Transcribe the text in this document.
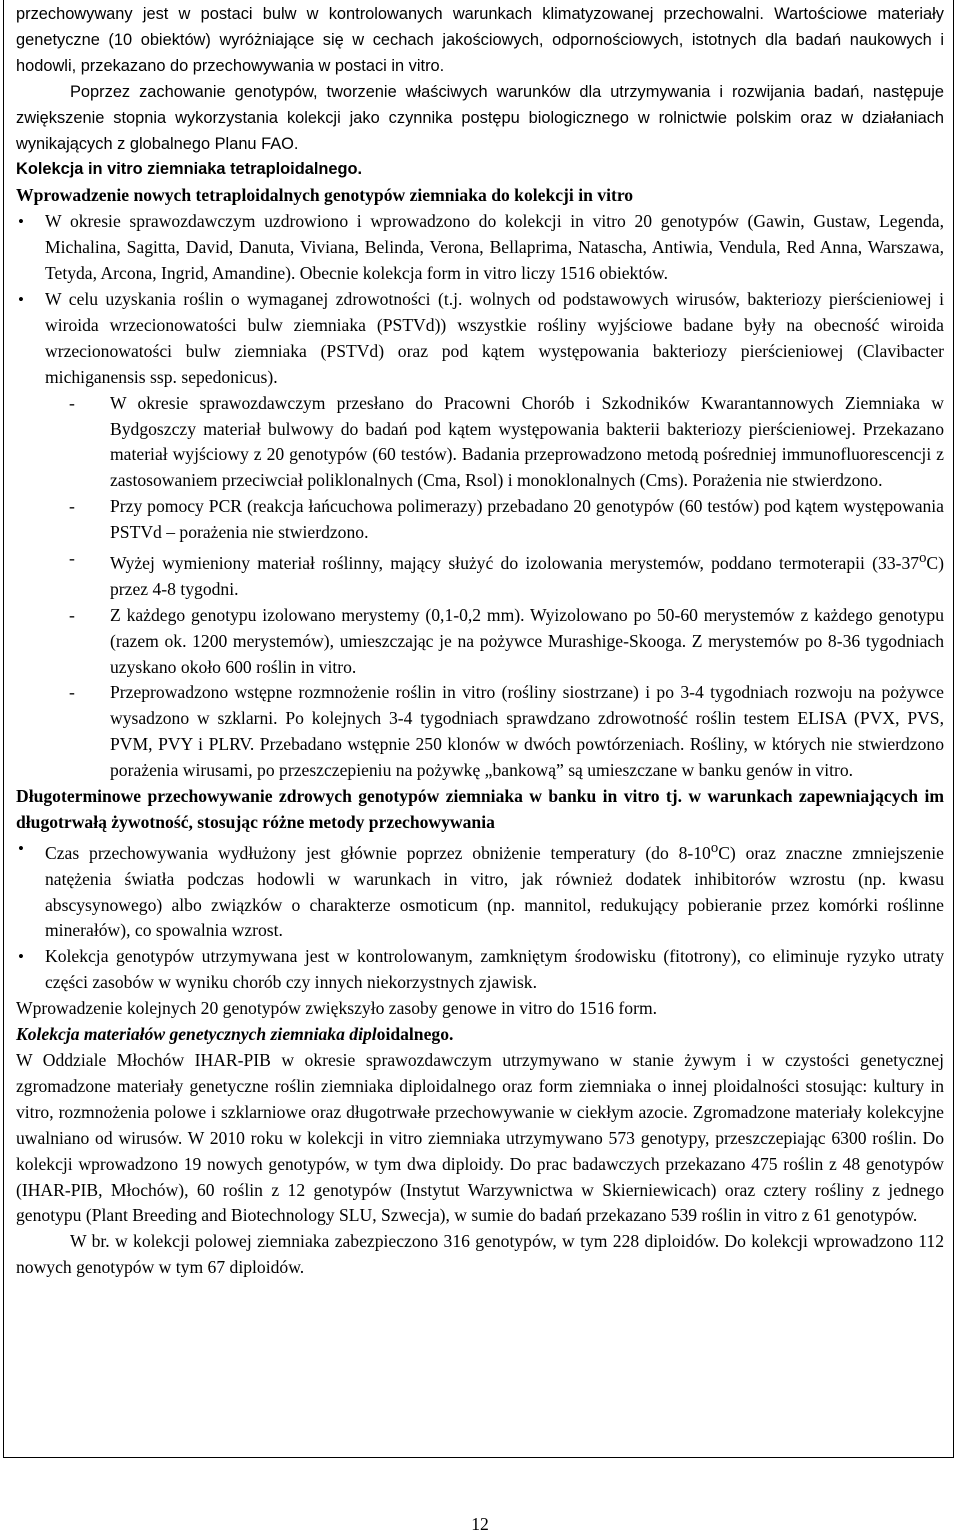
przechowywany jest w postaci bulw w kontrolowanych warunkach klimatyzowanej przechowalni. Wartościowe materiały genetyczne (10 obiektów) wyróżniające się w cechach jakościowych, odpornościowych, istotnych dla badań naukowych i hodowli, przekazano do przechowywania w postaci in vitro.

Poprzez zachowanie genotypów, tworzenie właściwych warunków dla utrzymywania i rozwijania badań, następuje zwiększenie stopnia wykorzystania kolekcji jako czynnika postępu biologicznego w rolnictwie polskim oraz w działaniach wynikających z globalnego Planu FAO.

Kolekcja in vitro ziemniaka tetraploidalnego.

Wprowadzenie nowych tetraploidalnych genotypów ziemniaka do kolekcji in vitro

• W okresie sprawozdawczym uzdrowiono i wprowadzono do kolekcji in vitro 20 genotypów (Gawin, Gustaw, Legenda, Michalina, Sagitta, David, Danuta, Viviana, Belinda, Verona, Bellaprima, Natascha, Antiwia, Vendula, Red Anna, Warszawa, Tetyda, Arcona, Ingrid, Amandine). Obecnie kolekcja form in vitro liczy 1516 obiektów.
• W celu uzyskania roślin o wymaganej zdrowotności (t.j. wolnych od podstawowych wirusów, bakteriozy pierścieniowej i wiroida wrzecionowatości bulw ziemniaka (PSTVd)) wszystkie rośliny wyjściowe badane były na obecność wiroida wrzecionowatości bulw ziemniaka (PSTVd) oraz pod kątem występowania bakteriozy pierścieniowej (Clavibacter michiganensis ssp. sepedonicus).
- W okresie sprawozdawczym przesłano do Pracowni Chorób i Szkodników Kwarantannowych Ziemniaka w Bydgoszczy materiał bulwowy do badań pod kątem występowania bakterii bakteriozy pierścieniowej. Przekazano materiał wyjściowy z 20 genotypów (60 testów). Badania przeprowadzono metodą pośredniej immunofluorescencji z zastosowaniem przeciwciał poliklonalnych (Cma, Rsol) i monoklonalnych (Cms). Porażenia nie stwierdzono.
- Przy pomocy PCR (reakcja łańcuchowa polimerazy) przebadano 20 genotypów (60 testów) pod kątem występowania PSTVd – porażenia nie stwierdzono.
- Wyżej wymieniony materiał roślinny, mający służyć do izolowania merystemów, poddano termoterapii (33-37$^o$C) przez 4-8 tygodni.
- Z każdego genotypu izolowano merystemy (0,1-0,2 mm). Wyizolowano po 50-60 merystemów z każdego genotypu (razem ok. 1200 merystemów), umieszczając je na pożywce Murashige-Skooga. Z merystemów po 8-36 tygodniach uzyskano około 600 roślin in vitro.
- Przeprowadzono wstępne rozmnożenie roślin in vitro (rośliny siostrzane) i po 3-4 tygodniach rozwoju na pożywce wysadzono w szklarni. Po kolejnych 3-4 tygodniach sprawdzano zdrowotność roślin testem ELISA (PVX, PVS, PVM, PVY i PLRV. Przebadano wstępnie 250 klonów w dwóch powtórzeniach. Rośliny, w których nie stwierdzono porażenia wirusami, po przeszczepieniu na pożywkę „bankową” są umieszczane w banku genów in vitro.

Długoterminowe przechowywanie zdrowych genotypów ziemniaka w banku in vitro tj. w warunkach zapewniających im długotrwałą żywotność, stosując różne metody przechowywania

• Czas przechowywania wydłużony jest głównie poprzez obniżenie temperatury (do 8-10$^o$C) oraz znaczne zmniejszenie natężenia światła podczas hodowli w warunkach in vitro, jak również dodatek inhibitorów wzrostu (np. kwasu abscysynowego) albo związków o charakterze osmoticum (np. mannitol, redukujący pobieranie przez komórki roślinne minerałów), co spowalnia wzrost.
• Kolekcja genotypów utrzymywana jest w kontrolowanym, zamkniętym środowisku (fitotrony), co eliminuje ryzyko utraty części zasobów w wyniku chorób czy innych niekorzystnych zjawisk.

Wprowadzenie kolejnych 20 genotypów zwiększyło zasoby genowe in vitro do 1516 form.

Kolekcja materiałów genetycznych ziemniaka diploidalnego.

W Oddziale Młochów IHAR-PIB w okresie sprawozdawczym utrzymywano w stanie żywym i w czystości genetycznej zgromadzone materiały genetyczne roślin ziemniaka diploidalnego oraz form ziemniaka o innej ploidalności stosując: kultury in vitro, rozmnożenia polowe i szklarniowe oraz długotrwałe przechowywanie w ciekłym azocie. Zgromadzone materiały kolekcyjne uwalniano od wirusów. W 2010 roku w kolekcji in vitro ziemniaka utrzymywano 573 genotypy, przeszczepiając 6300 roślin. Do kolekcji wprowadzono 19 nowych genotypów, w tym dwa diploidy. Do prac badawczych przekazano 475 roślin z 48 genotypów (IHAR-PIB, Młochów), 60 roślin z 12 genotypów (Instytut Warzywnictwa w Skierniewicach) oraz cztery rośliny z jednego genotypu (Plant Breeding and Biotechnology SLU, Szwecja), w sumie do badań przekazano 539 roślin in vitro z 61 genotypów.

W br. w kolekcji polowej ziemniaka zabezpieczono 316 genotypów, w tym 228 diploidów. Do kolekcji wprowadzono 112 nowych genotypów w tym 67 diploidów.

12
